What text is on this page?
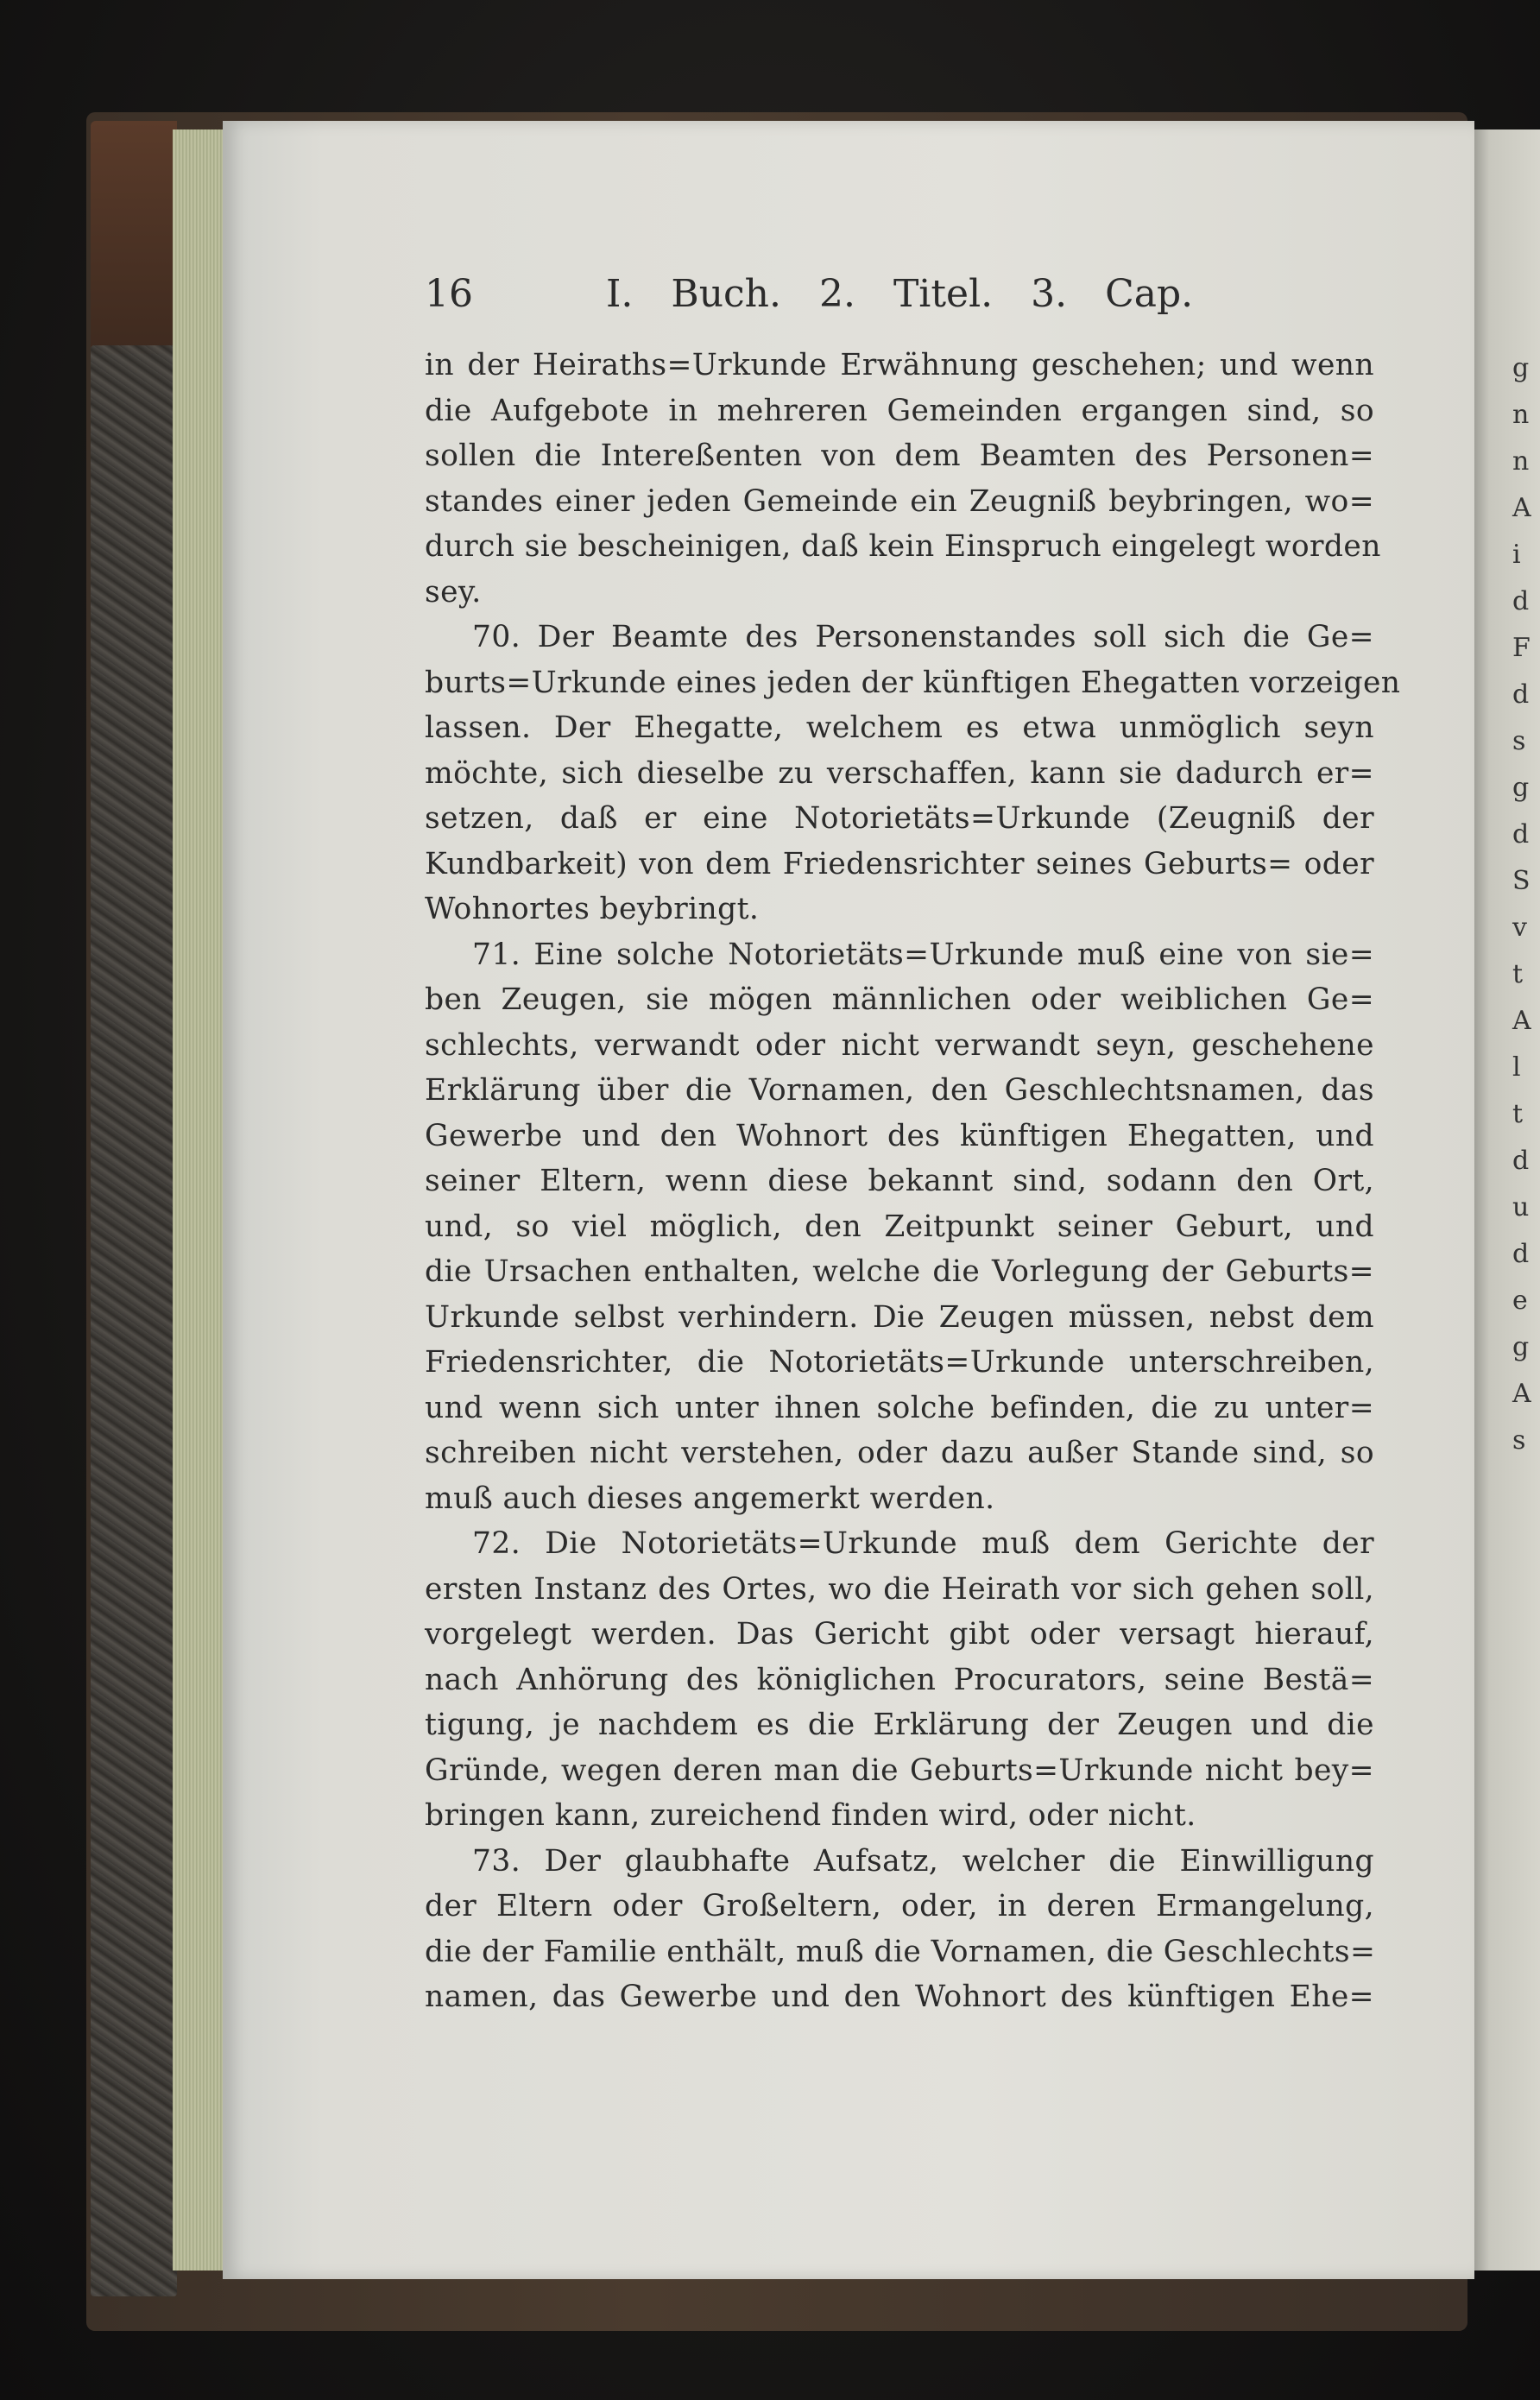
g
n
n
A
i
d
F
d
s
g
d
S
v
t
A
l
t
d
u
d
e
g
A
s
16	I. Buch. 2. Titel. 3. Cap.
in der Heiraths=Urkunde Erwähnung geschehen; und wenn
die Aufgebote in mehreren Gemeinden ergangen sind, so
sollen die Intereßenten von dem Beamten des Personen=
standes einer jeden Gemeinde ein Zeugniß beybringen, wo=
durch sie bescheinigen, daß kein Einspruch eingelegt worden
sey.
70. Der Beamte des Personenstandes soll sich die Ge=
burts=Urkunde eines jeden der künftigen Ehegatten vorzeigen
lassen. Der Ehegatte, welchem es etwa unmöglich seyn
möchte, sich dieselbe zu verschaffen, kann sie dadurch er=
setzen, daß er eine Notorietäts=Urkunde (Zeugniß der
Kundbarkeit) von dem Friedensrichter seines Geburts= oder
Wohnortes beybringt.
71. Eine solche Notorietäts=Urkunde muß eine von sie=
ben Zeugen, sie mögen männlichen oder weiblichen Ge=
schlechts, verwandt oder nicht verwandt seyn, geschehene
Erklärung über die Vornamen, den Geschlechtsnamen, das
Gewerbe und den Wohnort des künftigen Ehegatten, und
seiner Eltern, wenn diese bekannt sind, sodann den Ort,
und, so viel möglich, den Zeitpunkt seiner Geburt, und
die Ursachen enthalten, welche die Vorlegung der Geburts=
Urkunde selbst verhindern. Die Zeugen müssen, nebst dem
Friedensrichter, die Notorietäts=Urkunde unterschreiben,
und wenn sich unter ihnen solche befinden, die zu unter=
schreiben nicht verstehen, oder dazu außer Stande sind, so
muß auch dieses angemerkt werden.
72. Die Notorietäts=Urkunde muß dem Gerichte der
ersten Instanz des Ortes, wo die Heirath vor sich gehen soll,
vorgelegt werden. Das Gericht gibt oder versagt hierauf,
nach Anhörung des königlichen Procurators, seine Bestä=
tigung, je nachdem es die Erklärung der Zeugen und die
Gründe, wegen deren man die Geburts=Urkunde nicht bey=
bringen kann, zureichend finden wird, oder nicht.
73. Der glaubhafte Aufsatz, welcher die Einwilligung
der Eltern oder Großeltern, oder, in deren Ermangelung,
die der Familie enthält, muß die Vornamen, die Geschlechts=
namen, das Gewerbe und den Wohnort des künftigen Ehe=
